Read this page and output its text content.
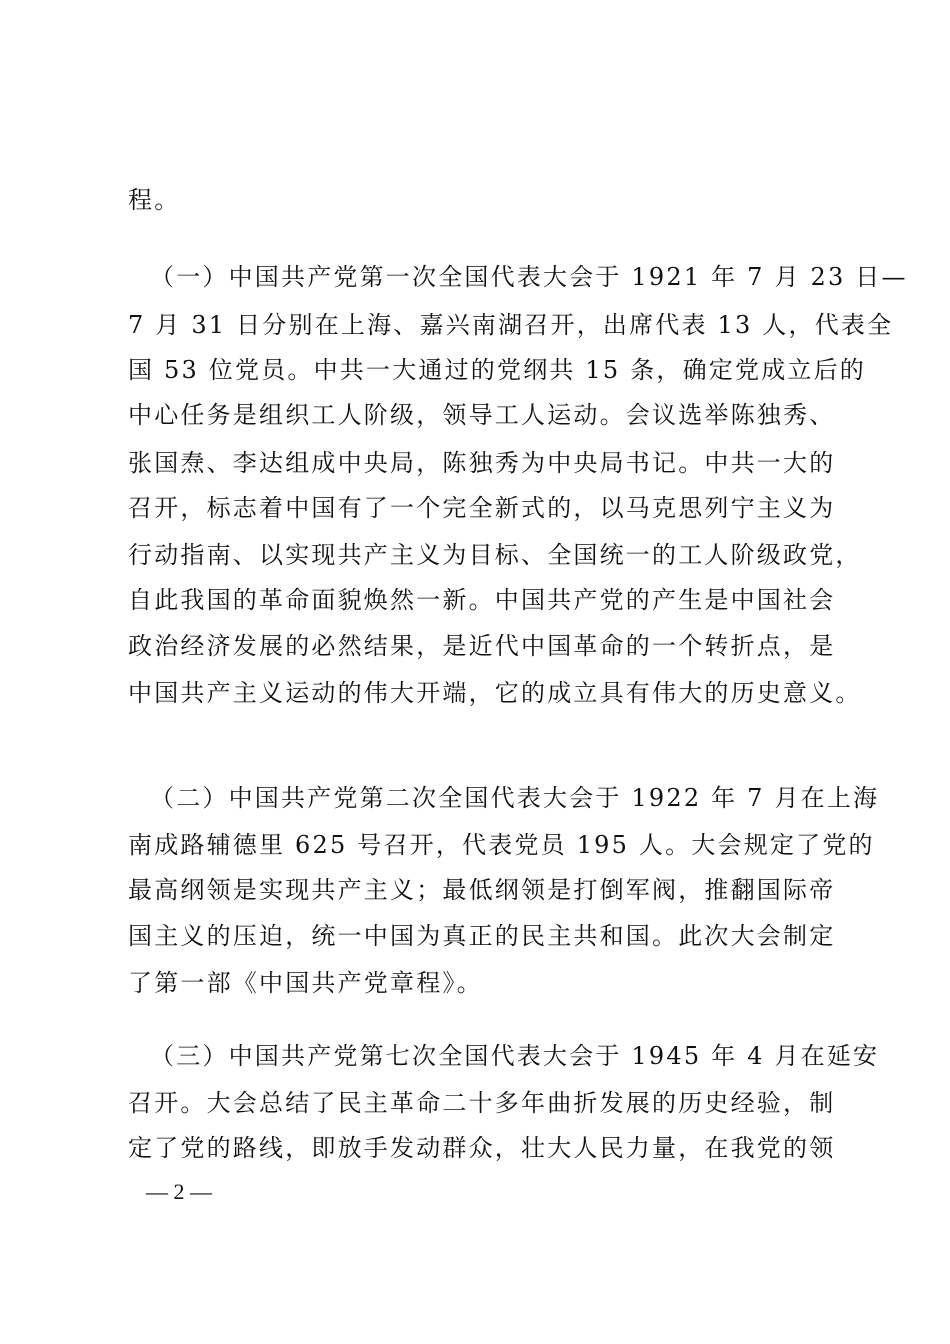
程。
（一）中国共产党第一次全国代表大会于 1921 年 7 月 23 日—
7 月 31 日分别在上海、嘉兴南湖召开，出席代表 13 人，代表全
国 53 位党员。中共一大通过的党纲共 15 条，确定党成立后的
中心任务是组织工人阶级，领导工人运动。会议选举陈独秀、
张国焘、李达组成中央局，陈独秀为中央局书记。中共一大的
召开，标志着中国有了一个完全新式的，以马克思列宁主义为
行动指南、以实现共产主义为目标、全国统一的工人阶级政党，
自此我国的革命面貌焕然一新。中国共产党的产生是中国社会
政治经济发展的必然结果，是近代中国革命的一个转折点，是
中国共产主义运动的伟大开端，它的成立具有伟大的历史意义。
（二）中国共产党第二次全国代表大会于 1922 年 7 月在上海
南成路辅德里 625 号召开，代表党员 195 人。大会规定了党的
最高纲领是实现共产主义；最低纲领是打倒军阀，推翻国际帝
国主义的压迫，统一中国为真正的民主共和国。此次大会制定
了第一部《中国共产党章程》。
（三）中国共产党第七次全国代表大会于 1945 年 4 月在延安
召开。大会总结了民主革命二十多年曲折发展的历史经验，制
定了党的路线，即放手发动群众，壮大人民力量，在我党的领
— 2 —
